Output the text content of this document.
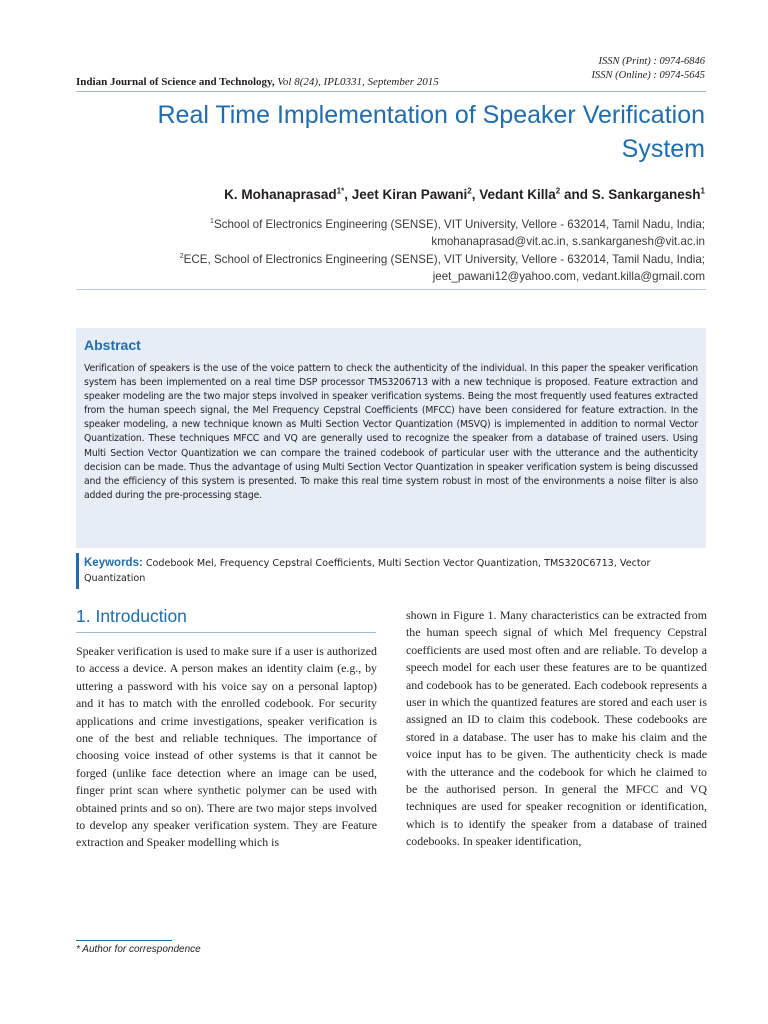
ISSN (Print) : 0974-6846
ISSN (Online) : 0974-5645
Indian Journal of Science and Technology, Vol 8(24), IPL0331, September 2015
Real Time Implementation of Speaker Verification System
K. Mohanaprasad$^{1*}$, Jeet Kiran Pawani$^2$, Vedant Killa$^2$ and S. Sankarganesh$^1$
$^1$School of Electronics Engineering (SENSE), VIT University, Vellore - 632014, Tamil Nadu, India; kmohanaprasad@vit.ac.in, s.sankarganesh@vit.ac.in
$^2$ECE, School of Electronics Engineering (SENSE), VIT University, Vellore - 632014, Tamil Nadu, India; jeet_pawani12@yahoo.com, vedant.killa@gmail.com
Abstract
Verification of speakers is the use of the voice pattern to check the authenticity of the individual. In this paper the speaker verification system has been implemented on a real time DSP processor TMS3206713 with a new technique is proposed. Feature extraction and speaker modeling are the two major steps involved in speaker verification systems. Being the most frequently used features extracted from the human speech signal, the Mel Frequency Cepstral Coefficients (MFCC) have been considered for feature extraction. In the speaker modeling, a new technique known as Multi Section Vector Quantization (MSVQ) is implemented in addition to normal Vector Quantization. These techniques MFCC and VQ are generally used to recognize the speaker from a database of trained users. Using Multi Section Vector Quantization we can compare the trained codebook of particular user with the utterance and the authenticity decision can be made. Thus the advantage of using Multi Section Vector Quantization in speaker verification system is being discussed and the efficiency of this system is presented. To make this real time system robust in most of the environments a noise filter is also added during the pre-processing stage.
Keywords: Codebook Mel, Frequency Cepstral Coefficients, Multi Section Vector Quantization, TMS320C6713, Vector Quantization
1. Introduction
Speaker verification is used to make sure if a user is authorized to access a device. A person makes an identity claim (e.g., by uttering a password with his voice say on a personal laptop) and it has to match with the enrolled codebook. For security applications and crime investigations, speaker verification is one of the best and reliable techniques. The importance of choosing voice instead of other systems is that it cannot be forged (unlike face detection where an image can be used, finger print scan where synthetic polymer can be used with obtained prints and so on). There are two major steps involved to develop any speaker verification system. They are Feature extraction and Speaker modelling which is
shown in Figure 1. Many characteristics can be extracted from the human speech signal of which Mel frequency Cepstral coefficients are used most often and are reliable. To develop a speech model for each user these features are to be quantized and codebook has to be generated. Each codebook represents a user in which the quantized features are stored and each user is assigned an ID to claim this codebook. These codebooks are stored in a database. The user has to make his claim and the voice input has to be given. The authenticity check is made with the utterance and the codebook for which he claimed to be the authorised person. In general the MFCC and VQ techniques are used for speaker recognition or identification, which is to identify the speaker from a database of trained codebooks. In speaker identification,
* Author for correspondence
